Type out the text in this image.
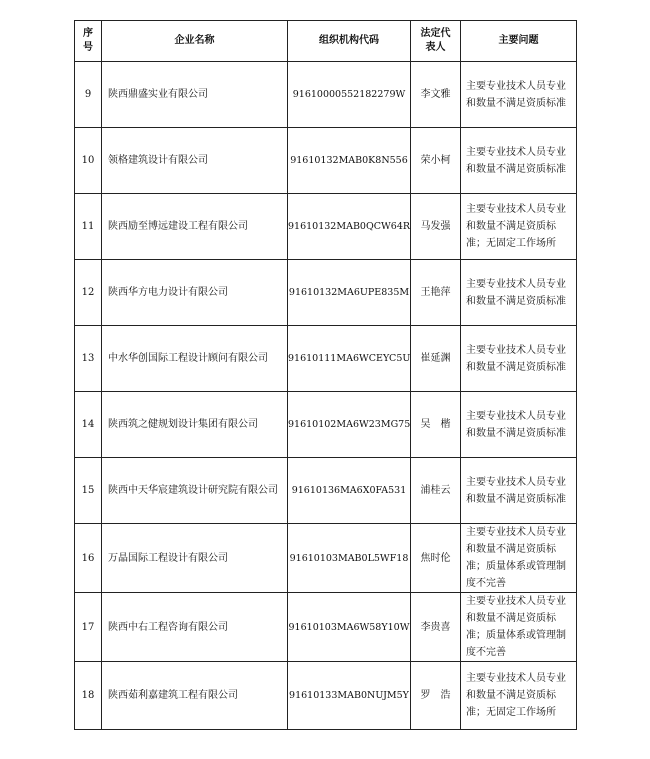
序号	企业名称	组织机构代码	法定代表人	主要问题
9	陕西鼎盛实业有限公司	91610000552182279W	李文雅	主要专业技术人员专业和数量不满足资质标准
10	领格建筑设计有限公司	91610132MAB0K8N556	荣小柯	主要专业技术人员专业和数量不满足资质标准
11	陕西励至博远建设工程有限公司	91610132MAB0QCW64R	马发强	主要专业技术人员专业和数量不满足资质标准；无固定工作场所
12	陕西华方电力设计有限公司	91610132MA6UPE835M	王艳萍	主要专业技术人员专业和数量不满足资质标准
13	中水华创国际工程设计顾问有限公司	91610111MA6WCEYC5U	崔延渊	主要专业技术人员专业和数量不满足资质标准
14	陕西筑之健规划设计集团有限公司	91610102MA6W23MG75	吴　楷	主要专业技术人员专业和数量不满足资质标准
15	陕西中天华宸建筑设计研究院有限公司	91610136MA6X0FA531	浦桂云	主要专业技术人员专业和数量不满足资质标准
16	万晶国际工程设计有限公司	91610103MAB0L5WF18	焦时伦	主要专业技术人员专业和数量不满足资质标准；质量体系或管理制度不完善
17	陕西中右工程咨询有限公司	91610103MA6W58Y10W	李贵喜	主要专业技术人员专业和数量不满足资质标准；质量体系或管理制度不完善
18	陕西茹利嘉建筑工程有限公司	91610133MAB0NUJM5Y	罗　浩	主要专业技术人员专业和数量不满足资质标准；无固定工作场所
